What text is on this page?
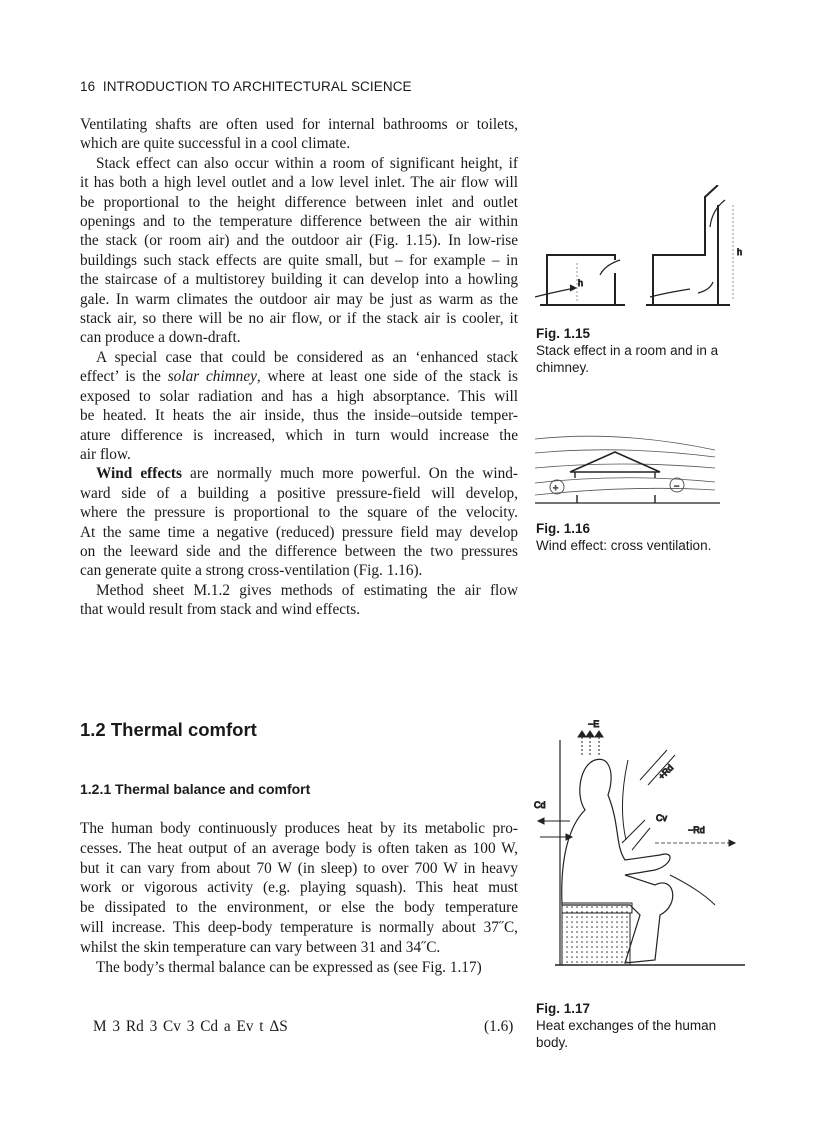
16 INTRODUCTION TO ARCHITECTURAL SCIENCE
Ventilating shafts are often used for internal bathrooms or toilets,
which are quite successful in a cool climate.
Stack effect can also occur within a room of significant height, if
it has both a high level outlet and a low level inlet. The air flow will
be proportional to the height difference between inlet and outlet
openings and to the temperature difference between the air within
the stack (or room air) and the outdoor air (Fig. 1.15). In low-rise
buildings such stack effects are quite small, but – for example – in
the staircase of a multistorey building it can develop into a howling
gale. In warm climates the outdoor air may be just as warm as the
stack air, so there will be no air flow, or if the stack air is cooler, it
can produce a down-draft.
A special case that could be considered as an ‘enhanced stack
effect’ is the solar chimney, where at least one side of the stack is
exposed to solar radiation and has a high absorptance. This will
be heated. It heats the air inside, thus the inside–outside temper-
ature difference is increased, which in turn would increase the
air flow.
Wind effects are normally much more powerful. On the wind-
ward side of a building a positive pressure-field will develop,
where the pressure is proportional to the square of the velocity.
At the same time a negative (reduced) pressure field may develop
on the leeward side and the difference between the two pressures
can generate quite a strong cross-ventilation (Fig. 1.16).
Method sheet M.1.2 gives methods of estimating the air flow
that would result from stack and wind effects.
1.2 Thermal comfort
1.2.1 Thermal balance and comfort
The human body continuously produces heat by its metabolic pro-
cesses. The heat output of an average body is often taken as 100 W,
but it can vary from about 70 W (in sleep) to over 700 W in heavy
work or vigorous activity (e.g. playing squash). This heat must
be dissipated to the environment, or else the body temperature
will increase. This deep-body temperature is normally about 37˝C,
whilst the skin temperature can vary between 31 and 34˝C.
The body’s thermal balance can be expressed as (see Fig. 1.17)
M 3 Rd 3 Cv 3 Cd a Ev t ΔS	(1.6)
h
h
Fig. 1.15
Stack effect in a room and in a chimney.
+	−
Fig. 1.16
Wind effect: cross ventilation.
−E
+Rd
Cd
Cv
−Rd
Fig. 1.17
Heat exchanges of the human body.
